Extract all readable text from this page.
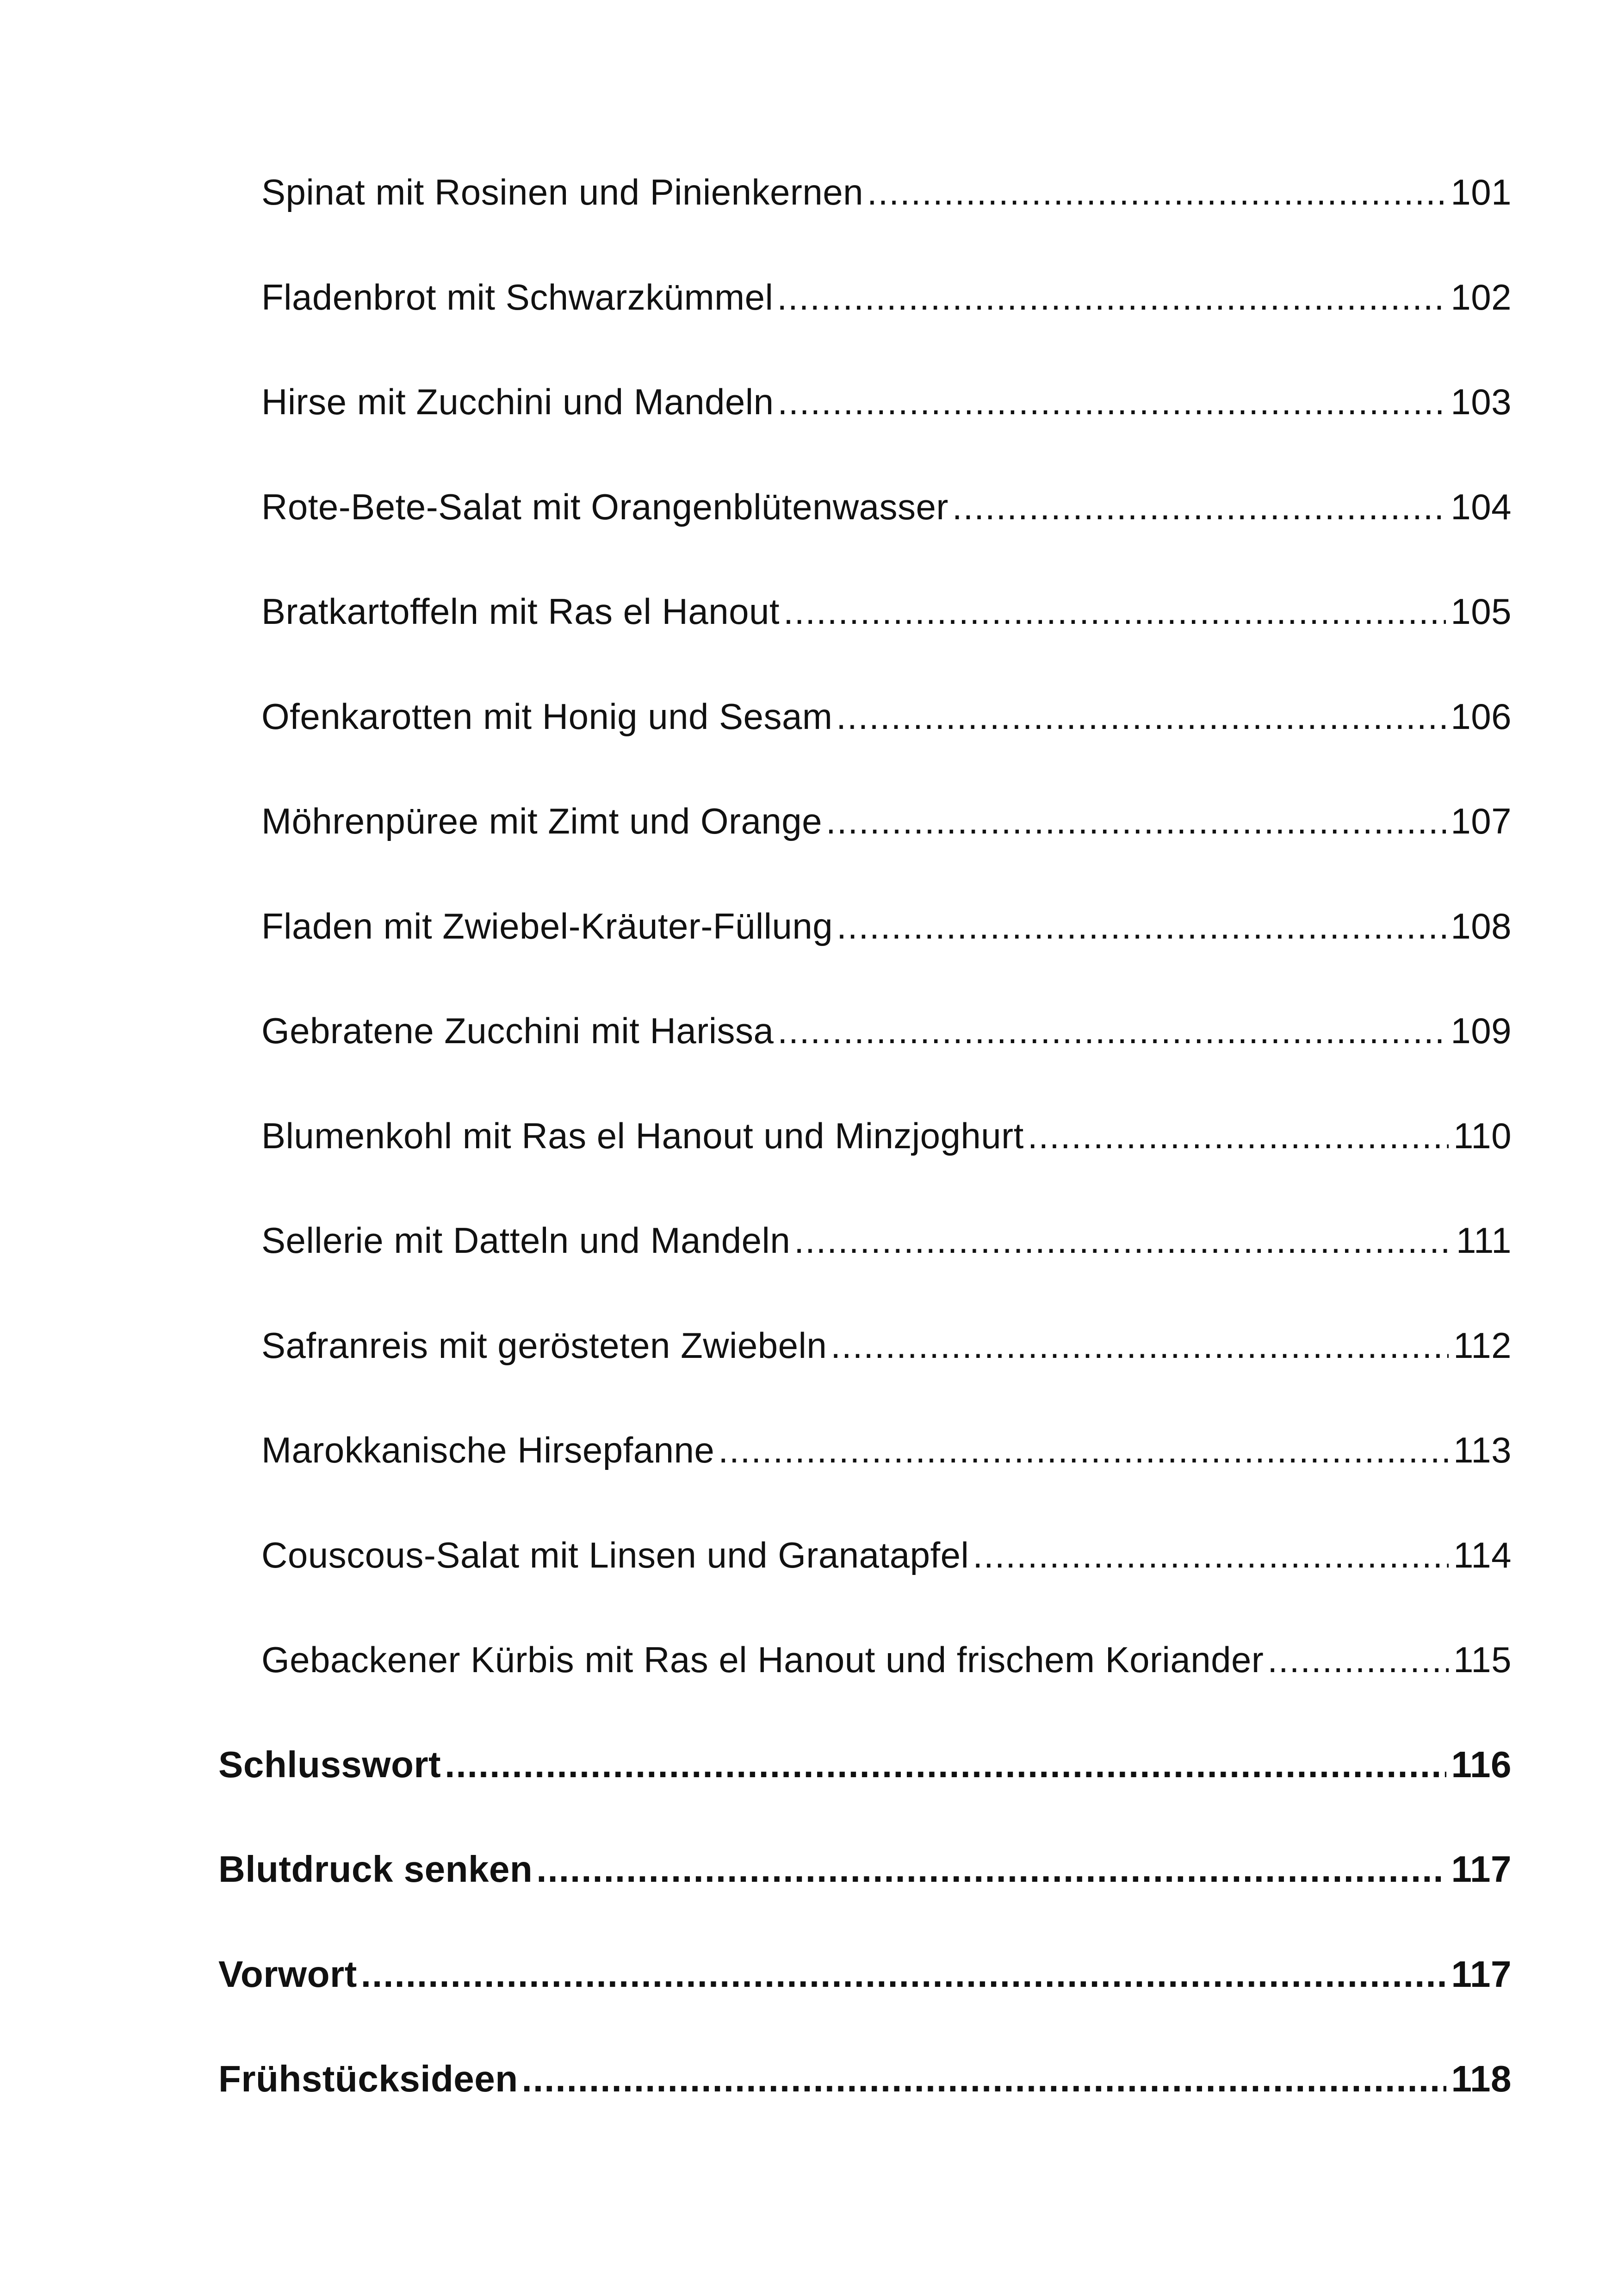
Spinat mit Rosinen und Pinienkernen .....	101
Fladenbrot mit Schwarzkümmel .....	102
Hirse mit Zucchini und Mandeln .....	103
Rote-Bete-Salat mit Orangenblütenwasser .....	104
Bratkartoffeln mit Ras el Hanout .....	105
Ofenkarotten mit Honig und Sesam .....	106
Möhrenpüree mit Zimt und Orange .....	107
Fladen mit Zwiebel-Kräuter-Füllung .....	108
Gebratene Zucchini mit Harissa .....	109
Blumenkohl mit Ras el Hanout und Minzjoghurt .....	110
Sellerie mit Datteln und Mandeln .....	111
Safranreis mit gerösteten Zwiebeln .....	112
Marokkanische Hirsepfanne .....	113
Couscous-Salat mit Linsen und Granatapfel .....	114
Gebackener Kürbis mit Ras el Hanout und frischem Koriander .....	115
Schlusswort .....	116
Blutdruck senken .....	117
Vorwort .....	117
Frühstücksideen .....	118
